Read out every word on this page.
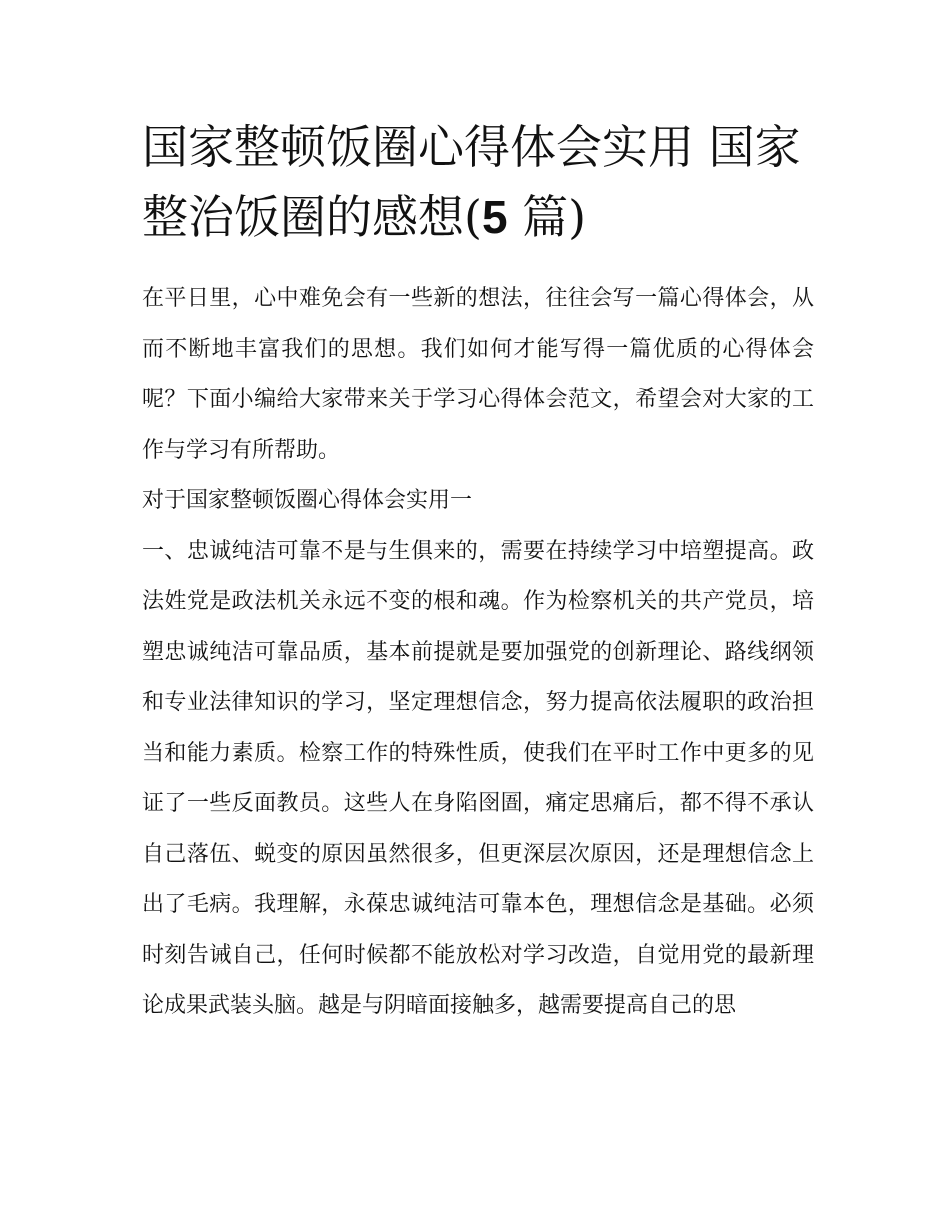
国家整顿饭圈心得体会实用 国家整治饭圈的感想(5 篇)

在平日里，心中难免会有一些新的想法，往往会写一篇心得体会，从而不断地丰富我们的思想。我们如何才能写得一篇优质的心得体会呢？下面小编给大家带来关于学习心得体会范文，希望会对大家的工作与学习有所帮助。

对于国家整顿饭圈心得体会实用一

一、忠诚纯洁可靠不是与生俱来的，需要在持续学习中培塑提高。政法姓党是政法机关永远不变的根和魂。作为检察机关的共产党员，培塑忠诚纯洁可靠品质，基本前提就是要加强党的创新理论、路线纲领和专业法律知识的学习，坚定理想信念，努力提高依法履职的政治担当和能力素质。检察工作的特殊性质，使我们在平时工作中更多的见证了一些反面教员。这些人在身陷囹圄，痛定思痛后，都不得不承认自己落伍、蜕变的原因虽然很多，但更深层次原因，还是理想信念上出了毛病。我理解，永葆忠诚纯洁可靠本色，理想信念是基础。必须时刻告诫自己，任何时候都不能放松对学习改造，自觉用党的最新理论成果武装头脑。越是与阴暗面接触多，越需要提高自己的思
